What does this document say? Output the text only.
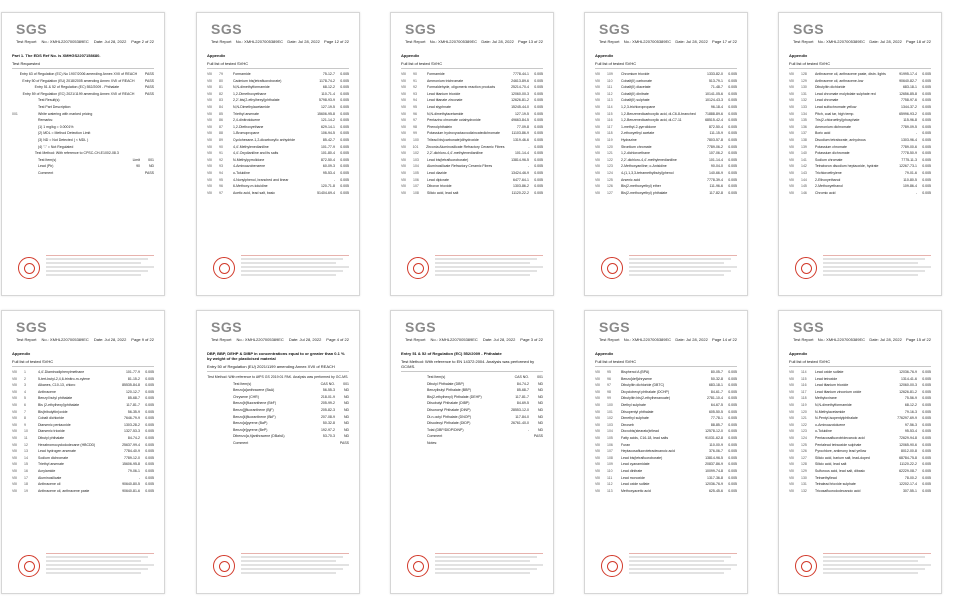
SGS
Test Report No.: XMHL2207005389EC Date: Jul 28, 2022 Page 2 of 22
Part 1. The EDS Ref No. is XMHGS2207158680.
Test Requested
Entry 63 of Regulation (EC) No 1907/2006 amending Annex XVII of REACH PASS
Entry 50 of Regulation (EU) 2018/2005 amending Annex XVII of REACH	PASS
Entry 51 & 52 of Regulation (EC) 552/2009 - Phthalate	PASS
Entry 59 of Regulation (EC) 2021/1199 amending Annex XVII of REACH	PASS
Test Result(s):
Test Part Description:
001	White watering with marked pricing
Remarks:
(1) 1 mg/kg = 0.0001%
(2) MDL = Method Detection Limit
(3) ND = Not Detected ( < MDL )
(4) "-" = Not Regulated
Test Method: With reference to CPSC-CH-E1002-08.3
Test Item(s)	Limit	001
Lead (Pb)	90	ND
Comment	PASS
SGS
Test Report No.: XMHL2207005389EC Date: Jul 28, 2022 Page 12 of 22
Appendix
Full list of tested SVHC
VIII	79	Formamide	75-12-7	0.005
VIII	80	Cadmium bis(tetrafluoroborate)	1178-74-2	0.005
VIII	81	N,N-dimethylformamide	68-12-2	0.005
VIII	82	1,2-Dimethoxyethane	110-71-4	0.005
VIII	83	2,2'-bis(2-ethylhexyl)phthalate	5798-93-9	0.005
VIII	84	N,N-Dimethylacetamide	127-19-5	0.005
VIII	85	Triethyl arsenate	15606-95-8	0.005
VIII	86	2,4-dinitrotoluene	121-14-2	0.005
VIII	87	1,2-Diethoxyethane	629-14-1	0.005
VIII	88	1-Bromopropane	106-94-5	0.005
VIII	89	Cyclohexane-1,2-dicarboxylic anhydride	85-42-7	0.005
VIII	90	4,4'-Methylenedianiline	101-77-9	0.005
VIII	91	4,4'-Oxydianiline and its salts	101-80-4	0.005
VIII	92	N-Methylpyrrolidone	872-50-4	0.005
VIII	93	4-Aminoazobenzene	60-09-3	0.005
VIII	94	o-Toluidine	95-53-4	0.005
VIII	95	4-Nonylphenol, branched and linear	-	0.005
VIII	96	6-Methoxy-m-toluidine	120-71-8	0.005
VIII	97	Acetic acid, lead salt, basic	51404-69-4	0.005
SGS
Test Report No.: XMHL2207005389EC Date: Jul 28, 2022 Page 13 of 22
Appendix
Full list of tested SVHC
VIII	90	Formamide	7778-44-1	0.005
VIII	91	Ammonium trichromate	24613-89-6	0.005
VIII	92	Formaldehyde, oligomeric reaction products	25214-70-4	0.005
VIII	93	Lead titanium trioxide	12060-00-3	0.005
VIII	94	Lead titanate zirconate	12626-81-2	0.005
VIII	95	Lead styphnate	15245-44-0	0.005
VIII	96	N,N-dimethylacetamide	127-19-5	0.005
VIII	97	Pentazinc chromate octahydroxide	49663-84-5	0.005
VIII	98	Phenolphthalein	77-09-8	0.005
VIII	99	Potassium hydroxyoctaoxodizincatedichromate	11103-86-9	0.005
VIII	100	Trilead bis(carbonate)dihydroxide	1319-46-6	0.005
VIII	101	Zirconia Aluminosilicate Refractory Ceramic Fibres	-	0.005
VIII	102	2,2'-dichloro-4,4'-methylenedianiline	101-14-4	0.005
VIII	103	Lead bis(tetrafluoroborate)	13814-96-5	0.005
VIII	104	Aluminosilicate Refractory Ceramic Fibres	-	0.005
VIII	105	Lead diazide	13424-46-9	0.005
VIII	106	Lead dipicrate	6477-64-1	0.005
VIII	107	Diboron trioxide	1303-86-2	0.005
VIII	108	Silicic acid, lead salt	11120-22-2	0.005
SGS
Test Report No.: XMHL2207005389EC Date: Jul 28, 2022 Page 17 of 22
Appendix
Full list of tested SVHC
VIII	109	Chromium trioxide	1333-82-0	0.005
VIII	110	Cobalt(II) carbonate	513-79-1	0.005
VIII	111	Cobalt(II) diacetate	71-48-7	0.005
VIII	112	Cobalt(II) dinitrate	10141-05-6	0.005
VIII	113	Cobalt(II) sulphate	10124-43-3	0.005
VIII	114	1,2,3-trichloropropane	96-18-4	0.005
VIII	115	1,2-Benzenedicarboxylic acid, di-C6-8-branched	71888-89-6	0.005
VIII	116	1,2-Benzenedicarboxylic acid, di-C7-11	68515-42-4	0.005
VIII	117	1-methyl-2-pyrrolidone	872-50-4	0.005
VIII	118	2-ethoxyethyl acetate	111-15-9	0.005
VIII	119	Hydrazine	7803-57-8	0.005
VIII	120	Strontium chromate	7789-06-2	0.005
VIII	121	1,2-dichloroethane	107-06-2	0.005
VIII	122	2,2'-dichloro-4,4'-methylenedianiline	101-14-4	0.005
VIII	123	2-Methoxyaniline; o-Anisidine	90-04-0	0.005
VIII	124	4-(1,1,3,3-tetramethylbutyl)phenol	140-66-9	0.005
VIII	125	Arsenic acid	7778-39-4	0.005
VIII	126	Bis(2-methoxyethyl) ether	111-96-6	0.005
VIII	127	Bis(2-methoxyethyl) phthalate	117-82-8	0.005
SGS
Test Report No.: XMHL2207005389EC Date: Jul 28, 2022 Page 18 of 22
Appendix
Full list of tested SVHC
VIII	128	Anthracene oil, anthracene paste, distn. lights	91995-17-4	0.005
VIII	129	Anthracene oil, anthracene-low	90640-82-7	0.005
VIII	130	Dibutyltin dichloride	683-18-1	0.005
VIII	131	Lead chromate molybdate sulphate red	12656-85-8	0.005
VIII	132	Lead chromate	7758-97-6	0.005
VIII	133	Lead sulfochromate yellow	1344-37-2	0.005
VIII	134	Pitch, coal tar, high temp.	65996-93-2	0.005
VIII	135	Tris(2-chloroethyl)phosphate	115-96-8	0.005
VIII	136	Ammonium dichromate	7789-09-5	0.005
VIII	137	Boric acid	-	0.005
VIII	138	Disodium tetraborate, anhydrous	1303-96-4	0.005
VIII	139	Potassium chromate	7789-00-6	0.005
VIII	140	Potassium dichromate	7778-50-9	0.005
VIII	141	Sodium chromate	7775-11-3	0.005
VIII	142	Tetraboron disodium heptaoxide, hydrate	12267-73-1	0.005
VIII	143	Trichloroethylene	79-01-6	0.005
VIII	144	2-Ethoxyethanol	110-80-5	0.005
VIII	145	2-Methoxyethanol	109-86-4	0.005
VIII	146	Chromic acid	-	0.005
SGS
Test Report No.: XMHL2207005389EC Date: Jul 28, 2022 Page 9 of 22
Appendix
Full list of tested SVHC
VIII	1	4,4'-Diaminodiphenylmethane	101-77-9	0.005
VIII	2	5-tert-butyl-2,4,6-trinitro-m-xylene	81-15-2	0.005
VIII	3	Alkanes, C10-13, chloro	85535-84-8	0.005
VIII	4	Anthracene	120-12-7	0.005
VIII	5	Benzyl butyl phthalate	85-68-7	0.005
VIII	6	Bis (2-ethylhexyl)phthalate	117-81-7	0.005
VIII	7	Bis(tributyltin)oxide	56-35-9	0.005
VIII	8	Cobalt dichloride	7646-79-9	0.005
VIII	9	Diarsenic pentaoxide	1303-28-2	0.005
VIII	10	Diarsenic trioxide	1327-53-3	0.005
VIII	11	Dibutyl phthalate	84-74-2	0.005
VIII	12	Hexabromocyclododecane (HBCDD)	25637-99-4	0.005
VIII	13	Lead hydrogen arsenate	7784-40-9	0.005
VIII	14	Sodium dichromate	7789-12-0	0.005
VIII	15	Triethyl arsenate	15606-95-8	0.005
VIII	16	Acrylamide	79-06-1	0.005
VIII	17	Aluminosilicate	-	0.005
VIII	18	Anthracene oil	90640-80-5	0.005
VIII	19	Anthracene oil, anthracene paste	90640-81-6	0.005
SGS
Test Report No.: XMHL2207005389EC Date: Jul 28, 2022 Page 4 of 22
DBP, BBP, DEHP & DIBP in concentrations equal to or greater than 0.1 % by weight of the plasticised material
Entry 50 of Regulation (EU) 2021/1199 amending Annex XVII of REACH
Test Method: With reference to AfPS GS 2019:01 PAK. Analysis was performed by GC-MS.
Test Item(s)	CAS NO.	001
Benzo[a]anthracene (BaA)	56-55-3	ND
Chrysene (CHR)	218-01-9	ND
Benzo[b]fluoranthene (BbF)	205-99-2	ND
Benzo[j]fluoranthene (BjF)	205-82-3	ND
Benzo[k]fluoranthene (BkF)	207-08-9	ND
Benzo[a]pyrene (BaP)	50-32-8	ND
Benzo[e]pyrene (BeP)	192-97-2	ND
Dibenzo[a,h]anthracene (DBahA)	53-70-3	ND
Comment	PASS
SGS
Test Report No.: XMHL2207005389EC Date: Jul 28, 2022 Page 3 of 22
Entry 51 & 52 of Regulation (EC) 552/2009 - Phthalate
Test Method: With reference to EN 14372:2004. Analysis was performed by GC/MS.
Test Item(s)	CAS NO.	001
Dibutyl Phthalate (DBP)	84-74-2	ND
Benzylbutyl Phthalate (BBP)	85-68-7	ND
Bis(2-ethylhexyl) Phthalate (DEHP)	117-81-7	ND
Diisobutyl Phthalate (DIBP)	84-69-5	ND
Diisononyl Phthalate (DINP)	28553-12-0	ND
Di-n-octyl Phthalate (DNOP)	117-84-0	ND
Diisodecyl Phthalate (DIDP)	26761-40-0	ND
Total (DBP/DIDP/DINP)	-	ND
Comment	PASS
Notes:
SGS
Test Report No.: XMHL2207005389EC Date: Jul 28, 2022 Page 14 of 22
Appendix
Full list of tested SVHC
VIII	95	Bisphenol A (BPA)	80-05-7	0.005
VIII	96	Benzo[def]chrysene	50-32-8	0.005
VIII	97	Dibutyltin dichloride (DBTC)	683-18-1	0.005
VIII	98	Dicyclohexyl phthalate (DCHP)	84-61-7	0.005
VIII	99	Dibutyltin bis(2-ethylhexanoate)	2781-10-4	0.005
VIII	100	Diethyl sulphate	64-67-5	0.005
VIII	101	Diisopentyl phthalate	605-50-5	0.005
VIII	102	Dimethyl sulphate	77-78-1	0.005
VIII	103	Dinoseb	88-85-7	0.005
VIII	104	Dioxobis(stearato)trilead	12578-12-0	0.005
VIII	105	Fatty acids, C16-18, lead salts	91031-62-8	0.005
VIII	106	Furan	110-00-9	0.005
VIII	107	Heptacosafluorotetradecanoic acid	376-06-7	0.005
VIII	108	Lead bis(tetrafluoroborate)	13814-96-5	0.005
VIII	109	Lead cyanamidate	20837-86-9	0.005
VIII	110	Lead dinitrate	10099-74-8	0.005
VIII	111	Lead monoxide	1317-36-8	0.005
VIII	112	Lead oxide sulfate	12036-76-9	0.005
VIII	113	Methoxyacetic acid	625-45-6	0.005
SGS
Test Report No.: XMHL2207005389EC Date: Jul 28, 2022 Page 15 of 22
Appendix
Full list of tested SVHC
VIII	114	Lead oxide sulfate	12036-76-9	0.005
VIII	115	Lead tetroxide	1314-41-6	0.005
VIII	116	Lead titanium trioxide	12060-00-3	0.005
VIII	117	Lead titanium zirconium oxide	12626-81-2	0.005
VIII	118	Methyloxirane	75-56-9	0.005
VIII	119	N,N-dimethylformamide	68-12-2	0.005
VIII	120	N-Methylacetamide	79-16-3	0.005
VIII	121	N-Pentyl-isopentylphthalate	776297-69-9	0.005
VIII	122	o-Aminoazotoluene	97-56-3	0.005
VIII	123	o-Toluidine	95-53-4	0.005
VIII	124	Pentacosafluorotridecanoic acid	72629-94-8	0.005
VIII	125	Pentalead tetraoxide sulphate	12065-90-6	0.005
VIII	126	Pyrochlore, antimony lead yellow	8012-00-8	0.005
VIII	127	Silicic acid, barium salt, lead-doped	68784-75-8	0.005
VIII	128	Silicic acid, lead salt	11120-22-2	0.005
VIII	129	Sulfurous acid, lead salt, dibasic	62229-08-7	0.005
VIII	130	Tetraethyllead	78-00-2	0.005
VIII	131	Tetralead trioxide sulphate	12202-17-4	0.005
VIII	132	Tricosafluorododecanoic acid	307-55-1	0.005
